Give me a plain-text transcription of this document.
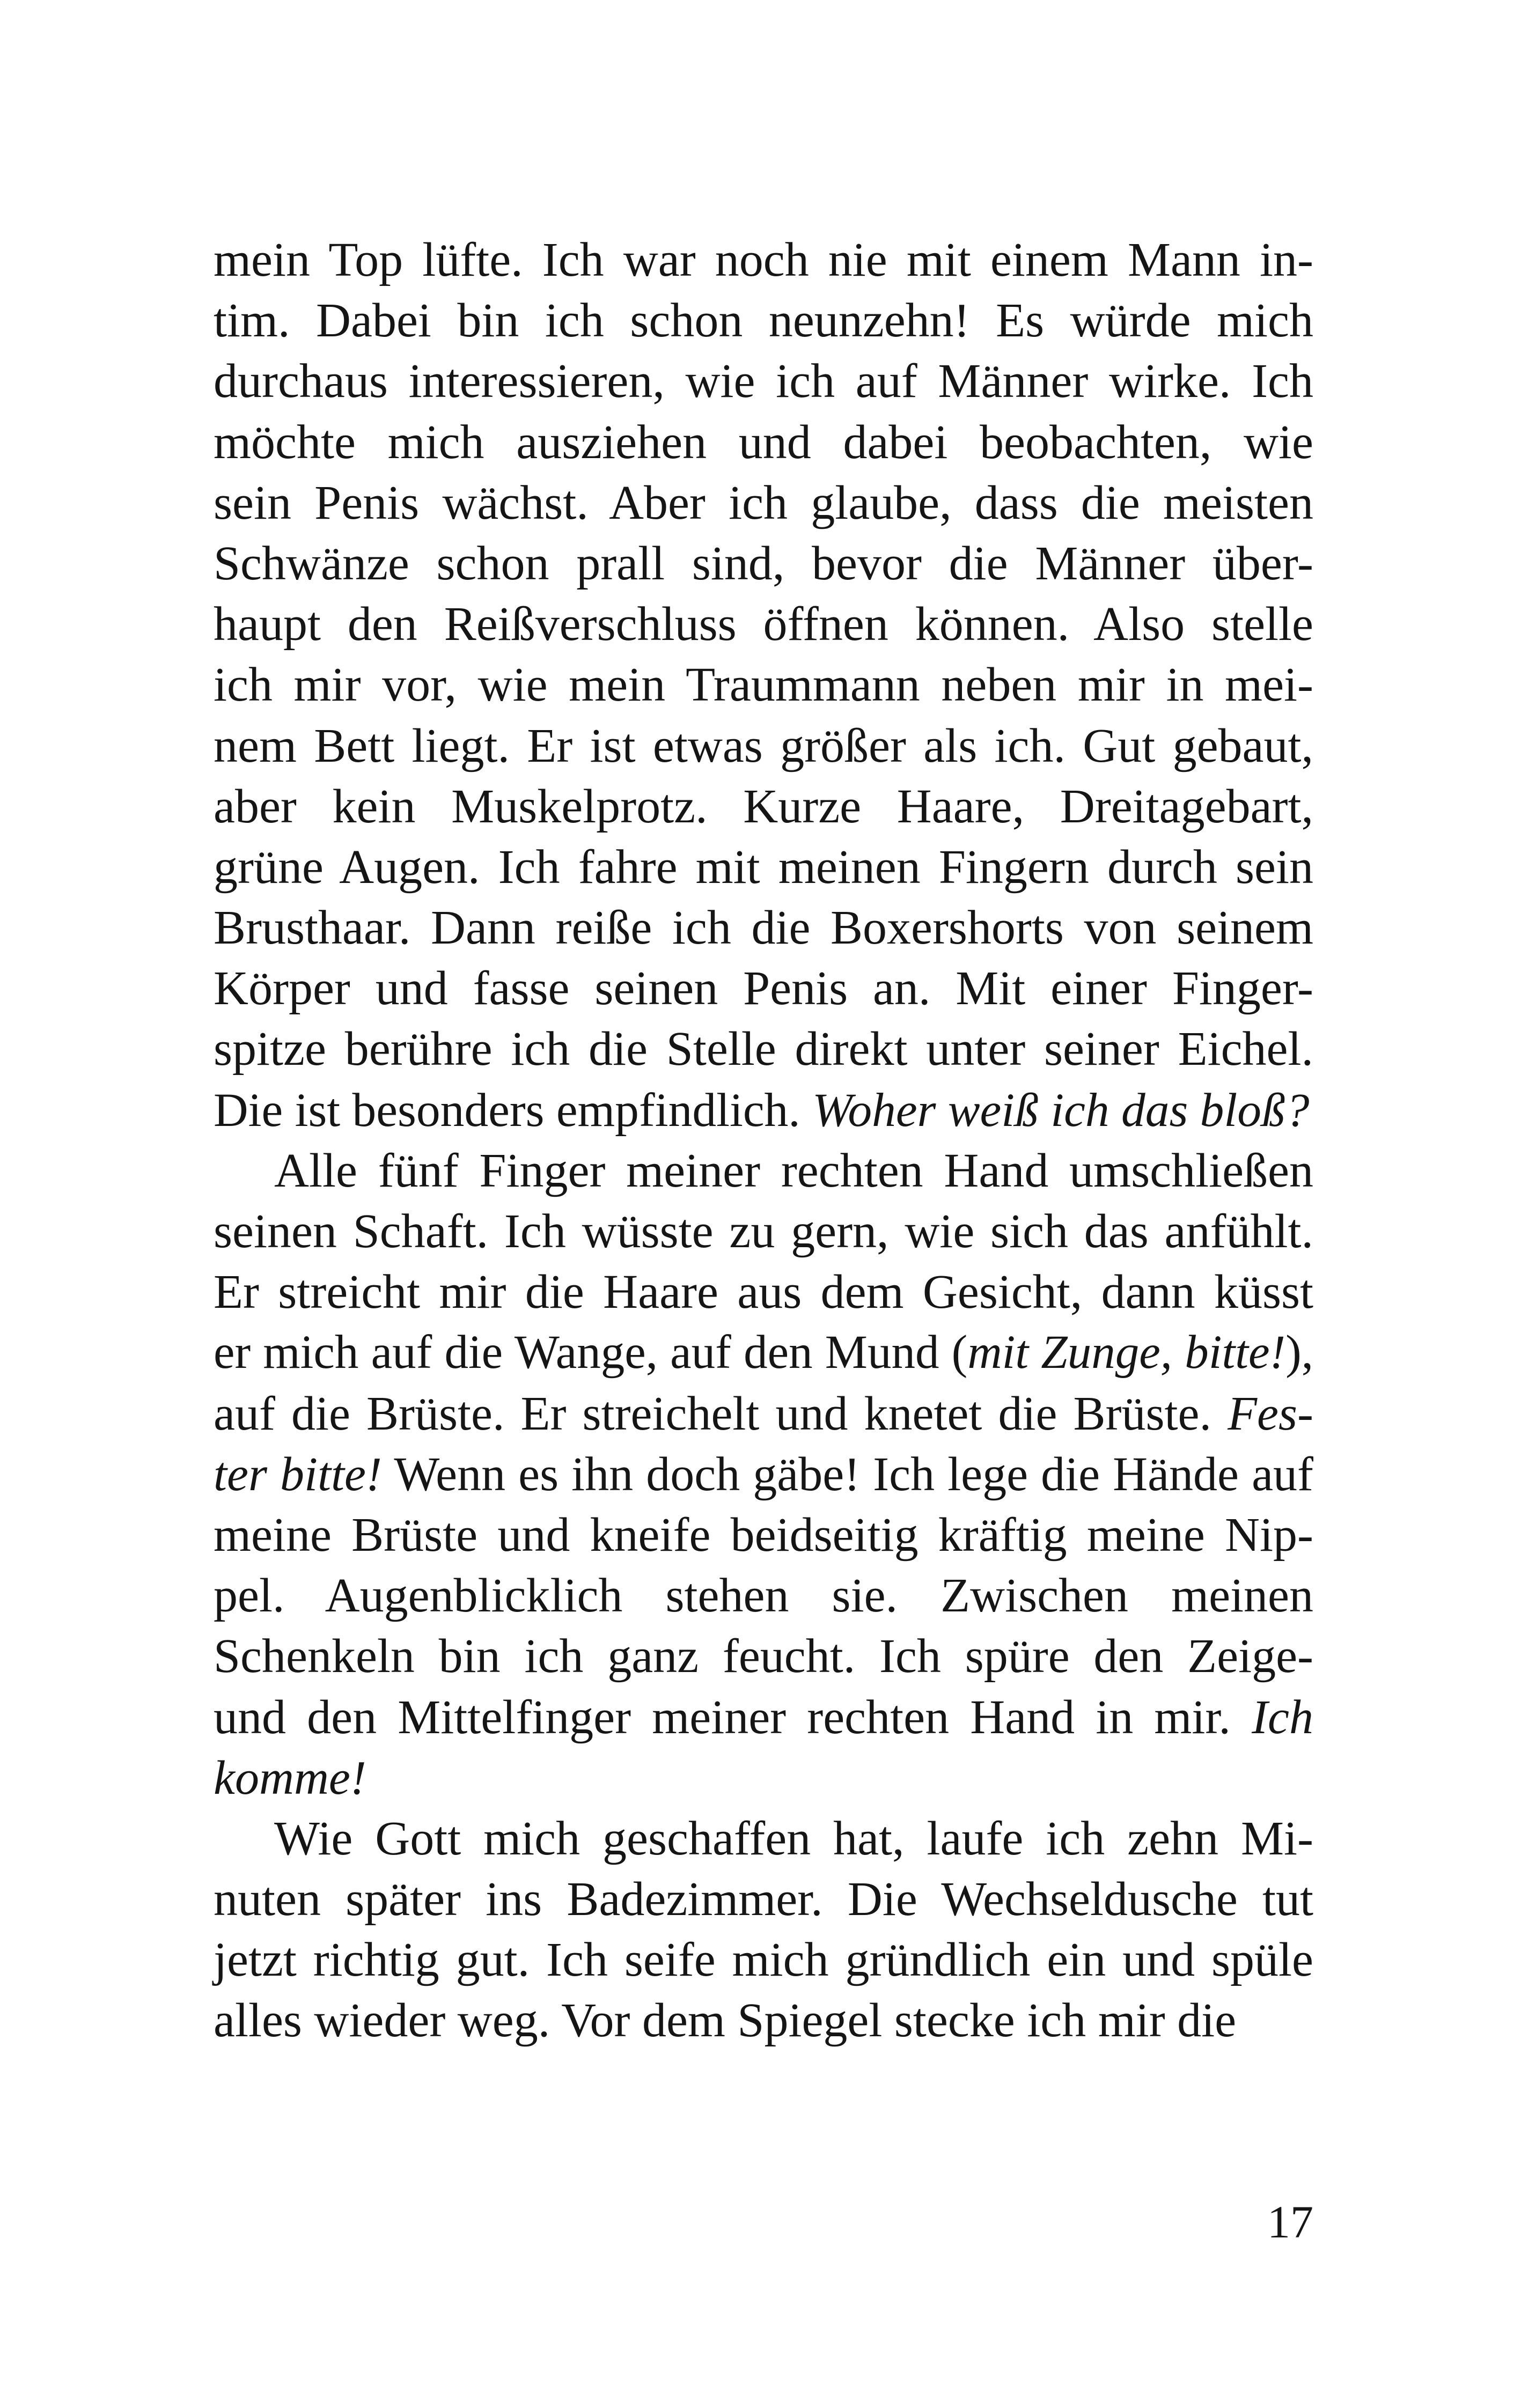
mein Top lüfte. Ich war noch nie mit einem Mann in-
tim. Dabei bin ich schon neunzehn! Es würde mich
durchaus interessieren, wie ich auf Männer wirke. Ich
möchte mich ausziehen und dabei beobachten, wie
sein Penis wächst. Aber ich glaube, dass die meisten
Schwänze schon prall sind, bevor die Männer über-
haupt den Reißverschluss öffnen können. Also stelle
ich mir vor, wie mein Traummann neben mir in mei-
nem Bett liegt. Er ist etwas größer als ich. Gut gebaut,
aber kein Muskelprotz. Kurze Haare, Dreitagebart,
grüne Augen. Ich fahre mit meinen Fingern durch sein
Brusthaar. Dann reiße ich die Boxershorts von seinem
Körper und fasse seinen Penis an. Mit einer Finger-
spitze berühre ich die Stelle direkt unter seiner Eichel.
Die ist besonders empfindlich. Woher weiß ich das bloß?
Alle fünf Finger meiner rechten Hand umschließen
seinen Schaft. Ich wüsste zu gern, wie sich das anfühlt.
Er streicht mir die Haare aus dem Gesicht, dann küsst
er mich auf die Wange, auf den Mund (mit Zunge, bitte!),
auf die Brüste. Er streichelt und knetet die Brüste. Fes-
ter bitte! Wenn es ihn doch gäbe! Ich lege die Hände auf
meine Brüste und kneife beidseitig kräftig meine Nip-
pel. Augenblicklich stehen sie. Zwischen meinen
Schenkeln bin ich ganz feucht. Ich spüre den Zeige-
und den Mittelfinger meiner rechten Hand in mir. Ich
komme!
Wie Gott mich geschaffen hat, laufe ich zehn Mi-
nuten später ins Badezimmer. Die Wechseldusche tut
jetzt richtig gut. Ich seife mich gründlich ein und spüle
alles wieder weg. Vor dem Spiegel stecke ich mir die
17
